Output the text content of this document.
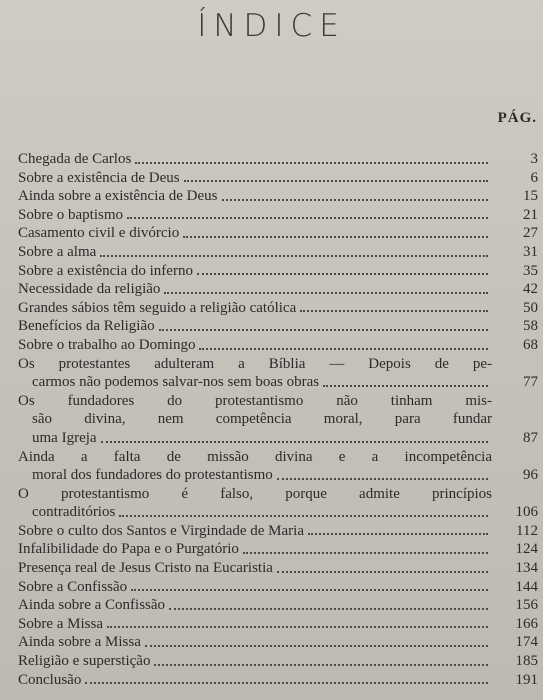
ÍNDICE
PÁG.
Chegada de Carlos	3
Sobre a existência de Deus	6
Ainda sobre a existência de Deus	15
Sobre o baptismo	21
Casamento civil e divórcio	27
Sobre a alma	31
Sobre a existência do inferno	35
Necessidade da religião	42
Grandes sábios têm seguido a religião católica	50
Benefícios da Religião	58
Sobre o trabalho ao Domingo	68
Os protestantes adulteram a Bíblia — Depois de pe-
carmos não podemos salvar-nos sem boas obras	77
Os fundadores do protestantismo não tinham mis-
são divina, nem competência moral, para fundar
uma Igreja	87
Ainda a falta de missão divina e a incompetência
moral dos fundadores do protestantismo	96
O protestantismo é falso, porque admite princípios
contraditórios	106
Sobre o culto dos Santos e Virgindade de Maria	112
Infalibilidade do Papa e o Purgatório	124
Presença real de Jesus Cristo na Eucaristia	134
Sobre a Confissão	144
Ainda sobre a Confissão	156
Sobre a Missa	166
Ainda sobre a Missa	174
Religião e superstição	185
Conclusão	191
